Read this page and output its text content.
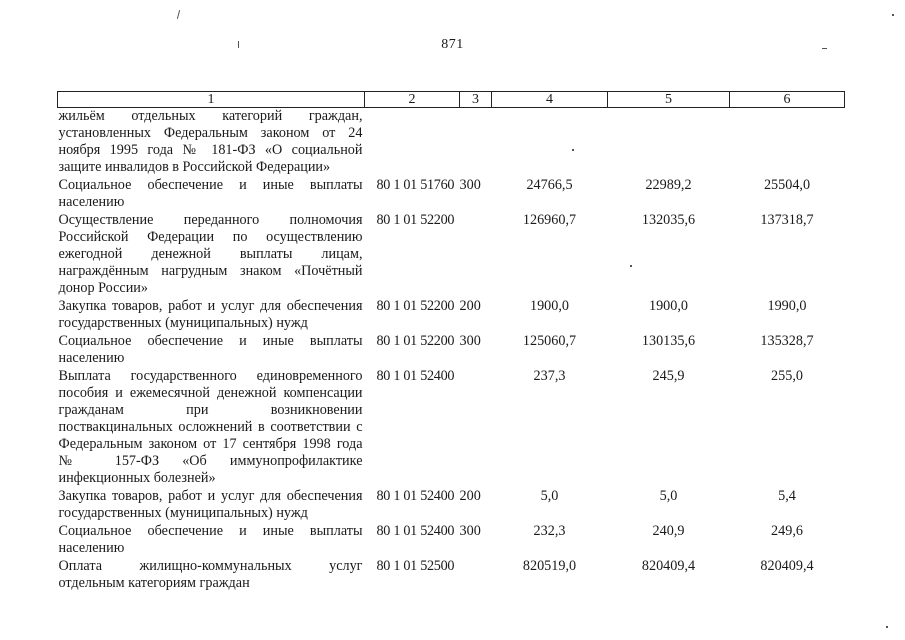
871
1	2	3	4	5	6
жильём отдельных категорий граждан, установленных Федеральным законом от 24 ноября 1995 года № 181-ФЗ «О социальной защите инвалидов в Российской Федерации»					
Социальное обеспечение и иные выплаты населению	80 1 01 51760	300	24766,5	22989,2	25504,0
Осуществление переданного полномочия Российской Федерации по осуществлению ежегодной денежной выплаты лицам, награждённым нагрудным знаком «Почётный донор России»	80 1 01 52200		126960,7	132035,6	137318,7
Закупка товаров, работ и услуг для обеспечения государственных (муниципальных) нужд	80 1 01 52200	200	1900,0	1900,0	1990,0
Социальное обеспечение и иные выплаты населению	80 1 01 52200	300	125060,7	130135,6	135328,7
Выплата государственного единовременного пособия и ежемесячной денежной компенсации гражданам при возникновении поствакцинальных осложнений в соответствии с Федеральным законом от 17 сентября 1998 года № 157-ФЗ «Об иммунопрофилактике инфекционных болезней»	80 1 01 52400		237,3	245,9	255,0
Закупка товаров, работ и услуг для обеспечения государственных (муниципальных) нужд	80 1 01 52400	200	5,0	5,0	5,4
Социальное обеспечение и иные выплаты населению	80 1 01 52400	300	232,3	240,9	249,6
Оплата жилищно-коммунальных услуг отдельным категориям граждан	80 1 01 52500		820519,0	820409,4	820409,4
